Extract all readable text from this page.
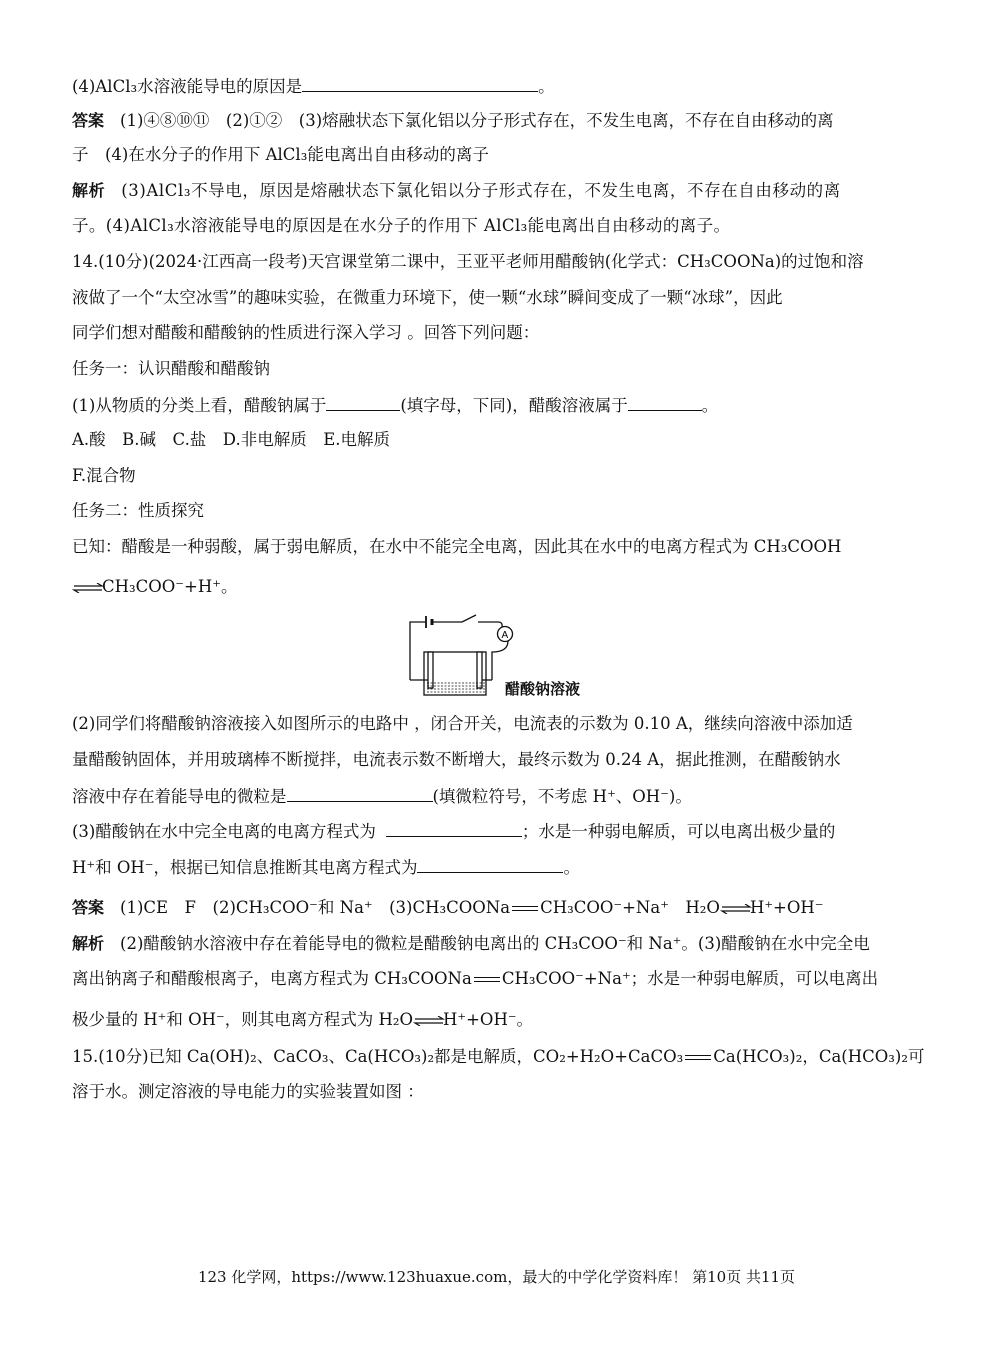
(4)AlCl₃水溶液能导电的原因是	。
答案 (1)④⑧⑩⑪　(2)①②　(3)熔融状态下氯化铝以分子形式存在，不发生电离，不存在自由移动的离
子　(4)在水分子的作用下 AlCl₃能电离出自由移动的离子
解析 (3)AlCl₃不导电，原因是熔融状态下氯化铝以分子形式存在，不发生电离，不存在自由移动的离
子。(4)AlCl₃水溶液能导电的原因是在水分子的作用下 AlCl₃能电离出自由移动的离子。
14.(10分)(2024·江西高一段考)天宫课堂第二课中，王亚平老师用醋酸钠(化学式：CH₃COONa)的过饱和溶
液做了一个“太空冰雪”的趣味实验，在微重力环境下，使一颗“水球”瞬间变成了一颗“冰球”，因此
同学们想对醋酸和醋酸钠的性质进行深入学习 。回答下列问题：
任务一：认识醋酸和醋酸钠
(1)从物质的分类上看，醋酸钠属于	(填字母，下同)，醋酸溶液属于	。
A.酸　B.碱　C.盐　D.非电解质　E.电解质
F.混合物
任务二：性质探究
已知：醋酸是一种弱酸，属于弱电解质，在水中不能完全电离，因此其在水中的电离方程式为 CH₃COOH
⇌CH₃COO⁻+H⁺。
A
醋酸钠溶液
(2)同学们将醋酸钠溶液接入如图所示的电路中 ，闭合开关，电流表的示数为 0.10 A，继续向溶液中添加适
量醋酸钠固体，并用玻璃棒不断搅拌，电流表示数不断增大，最终示数为 0.24 A，据此推测，在醋酸钠水
溶液中存在着能导电的微粒是	(填微粒符号，不考虑 H⁺、OH⁻)。
(3)醋酸钠在水中完全电离的电离方程式为	；水是一种弱电解质，可以电离出极少量的
H⁺和 OH⁻，根据已知信息推断其电离方程式为	。
答案 (1)CE　F　(2)CH₃COO⁻和 Na⁺　(3)CH₃COONa CH₃COO⁻+Na⁺　H₂O⇌H⁺+OH⁻
解析 (2)醋酸钠水溶液中存在着能导电的微粒是醋酸钠电离出的 CH₃COO⁻和 Na⁺。(3)醋酸钠在水中完全电
离出钠离子和醋酸根离子，电离方程式为 CH₃COONa CH₃COO⁻+Na⁺；水是一种弱电解质，可以电离出
极少量的 H⁺和 OH⁻，则其电离方程式为 H₂O⇌H⁺+OH⁻。
15.(10分)已知 Ca(OH)₂、CaCO₃、Ca(HCO₃)₂都是电解质，CO₂+H₂O+CaCO₃ Ca(HCO₃)₂，Ca(HCO₃)₂可
溶于水。测定溶液的导电能力的实验装置如图 ：
123 化学网，https://www.123huaxue.com，最大的中学化学资料库！ 第10页 共11页
